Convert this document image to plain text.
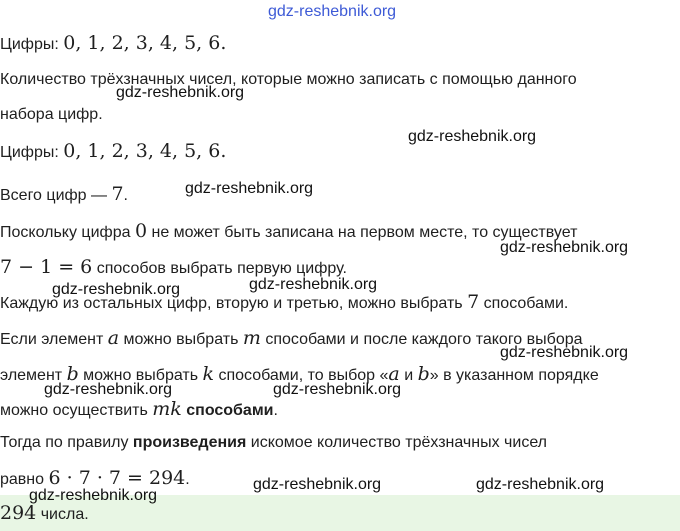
gdz-reshebnik.org
Цифры: 0, 1, 2, 3, 4, 5, 6.
Количество трёхзначных чисел, которые можно записать с помощью данного
набора цифр.
Цифры: 0, 1, 2, 3, 4, 5, 6.
Всего цифр — 7.
Поскольку цифра 0 не может быть записана на первом месте, то существует
7 − 1 = 6 способов выбрать первую цифру.
Каждую из остальных цифр, вторую и третью, можно выбрать 7 способами.
Если элемент a можно выбрать m способами и после каждого такого выбора
элемент b можно выбрать k способами, то выбор «a и b» в указанном порядке
можно осуществить mk способами.
Тогда по правилу произведения искомое количество трёхзначных чисел
равно 6 · 7 · 7 = 294.
294 числа.
gdz-reshebnik.org
gdz-reshebnik.org
gdz-reshebnik.org
gdz-reshebnik.org
gdz-reshebnik.org	gdz-reshebnik.org
gdz-reshebnik.org
gdz-reshebnik.org	gdz-reshebnik.org
gdz-reshebnik.org	gdz-reshebnik.org
gdz-reshebnik.org
